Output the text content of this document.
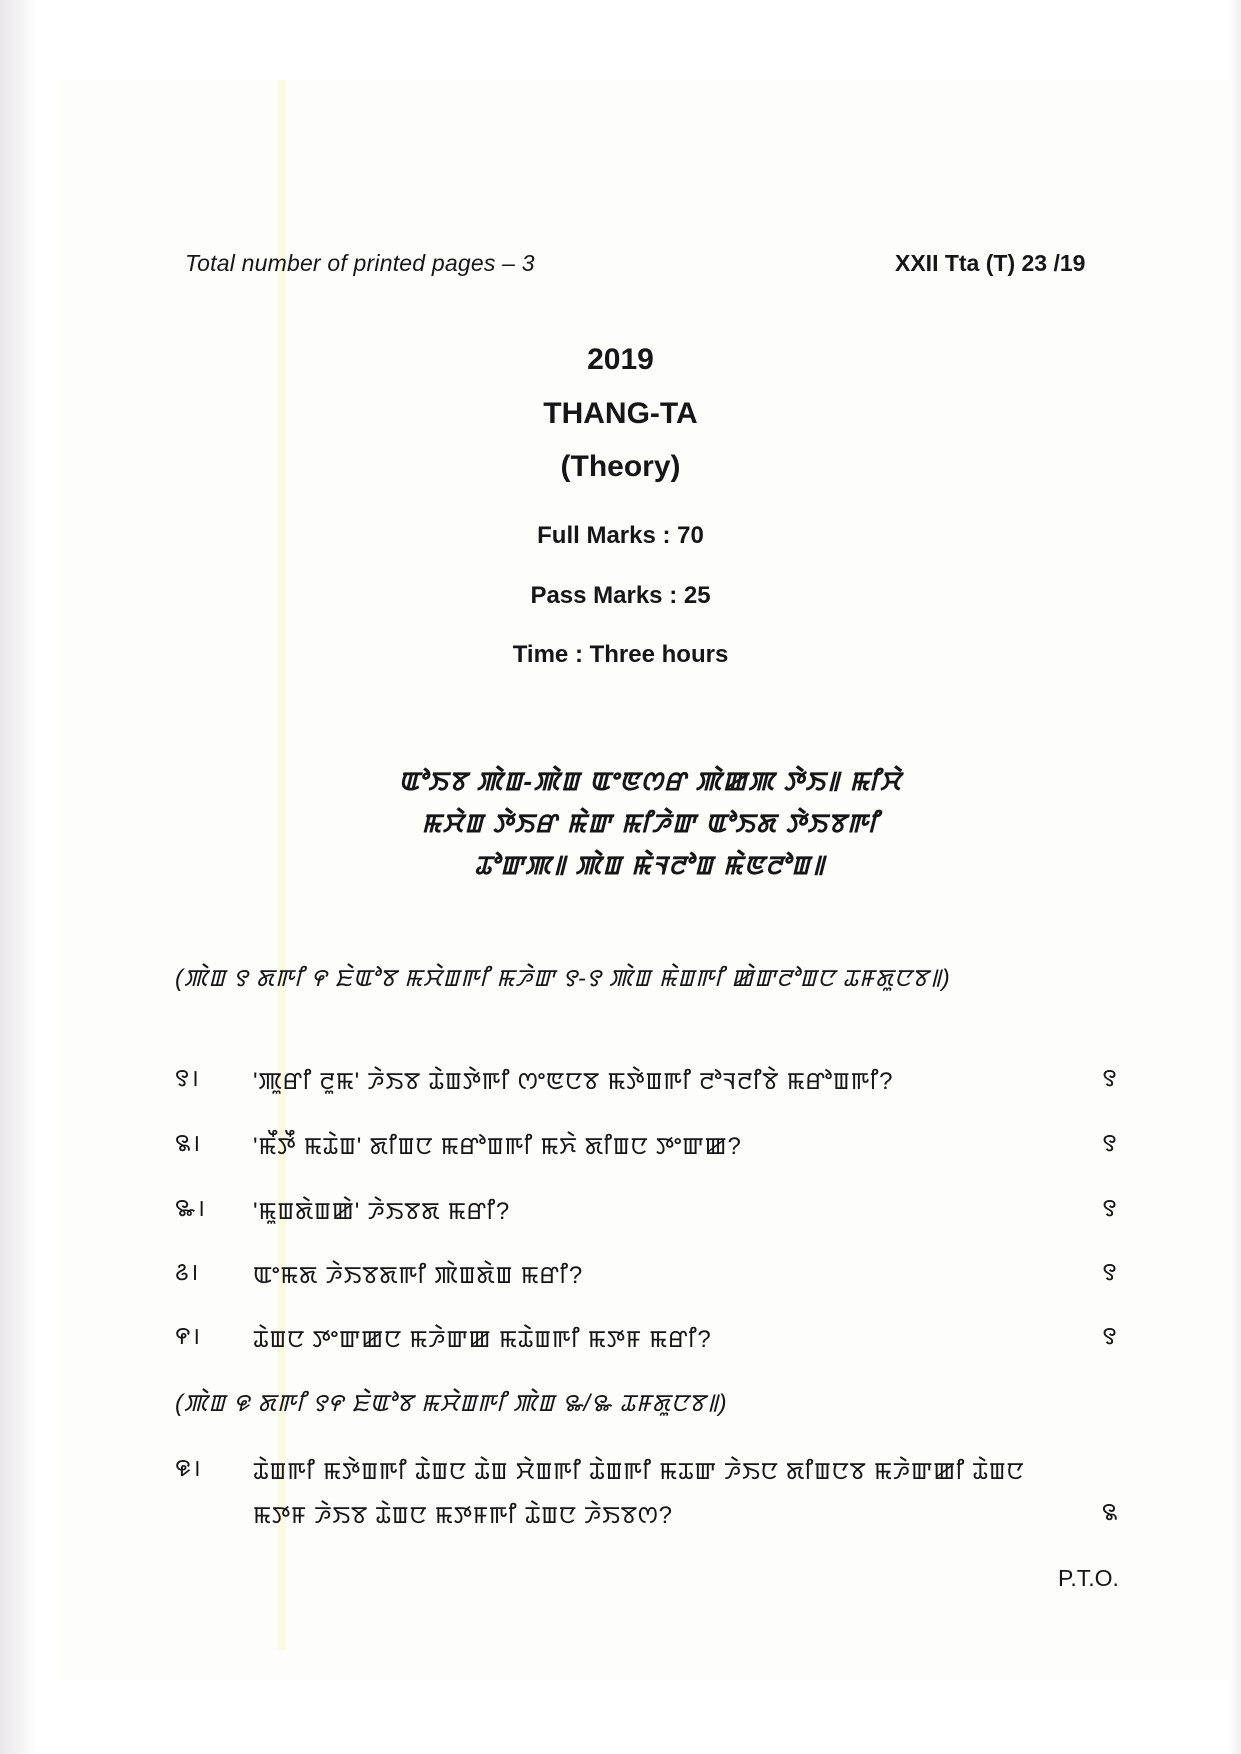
Total number of printed pages – 3	XXII Tta (T) 23 /19
2019
THANG-TA
(Theory)
Full Marks : 70
Pass Marks : 25
Time : Three hours
ꯑꯣꯏꯕ ꯄꯥꯡ-ꯄꯥꯡ ꯑꯦꯟꯁꯔ ꯄꯥꯀꯄ ꯇꯥꯏ꯫ ꯃꯤꯆꯥ
ꯃꯆꯥꯡ ꯇꯥꯏꯔ ꯃꯥꯛ ꯃꯤꯍꯥꯛ ꯑꯣꯏꯗ ꯇꯥꯏꯕꯒꯤ
ꯊꯣꯛꯄ꯫ ꯄꯥꯡ ꯃꯥꯜꯂꯣꯡ ꯃꯥꯟꯂꯣꯡ꯫
(ꯄꯥꯡ ꯱ ꯗꯒꯤ ꯵ ꯐꯥꯑꯣꯕ ꯃꯆꯥꯡꯒꯤ ꯃꯍꯥꯛ ꯱-꯱ ꯄꯥꯡ ꯃꯥꯡꯒꯤ ꯀꯥꯛꯂꯣꯡꯅ ꯊꯝꯗꯨꯅꯕ꯫)
꯱।	'ꯄꯨꯔꯤ ꯂꯨꯃ' ꯍꯥꯏꯕ ꯊꯥꯡꯇꯥꯒꯤ ꯁꯦꯟꯅꯕ ꯃꯇꯥꯡꯒꯤ ꯂꯣꯜꯂꯤꯕꯥ ꯃꯔꯣꯡꯒꯤ?	꯱
꯲।	'ꯃꯩꯇꯩ ꯃꯊꯥꯡ' ꯗꯤꯡꯅ ꯃꯔꯣꯡꯒꯤ ꯃꯈꯥ ꯗꯤꯡꯅ ꯇꯦꯛꯀ?	꯱
꯳।	'ꯃꯨꯡꯗꯥꯡꯀꯥ' ꯍꯥꯏꯕꯗ ꯃꯔꯤ?	꯱
꯴।	ꯑꯦꯃꯗ ꯍꯥꯏꯕꯗꯒꯤ ꯄꯥꯡꯗꯥꯡ ꯃꯔꯤ?	꯱
꯵।	ꯊꯥꯡꯅ ꯇꯦꯛꯀꯅ ꯃꯍꯥꯛꯀ ꯃꯊꯥꯡꯒꯤ ꯃꯇꯝ ꯃꯔꯤ?	꯱
(ꯄꯥꯡ ꯶ ꯗꯒꯤ ꯱꯵ ꯐꯥꯑꯣꯕ ꯃꯆꯥꯡꯒꯤ ꯄꯥꯡ ꯳/꯳ ꯊꯝꯗꯨꯅꯕ꯫)
꯶।	ꯊꯥꯡꯒꯤ ꯃꯇꯥꯡꯒꯤ ꯊꯥꯡꯅ ꯊꯥꯡ ꯆꯥꯡꯒꯤ ꯊꯥꯡꯒꯤ ꯃꯊꯛ ꯍꯥꯏꯅ ꯗꯤꯡꯅꯕ ꯃꯍꯥꯛꯀꯤ ꯊꯥꯡꯅ ꯃꯇꯝ ꯍꯥꯏꯕ ꯊꯥꯡꯅ ꯃꯇꯝꯒꯤ ꯊꯥꯡꯅ ꯍꯥꯏꯕꯁ?	꯲
P.T.O.
